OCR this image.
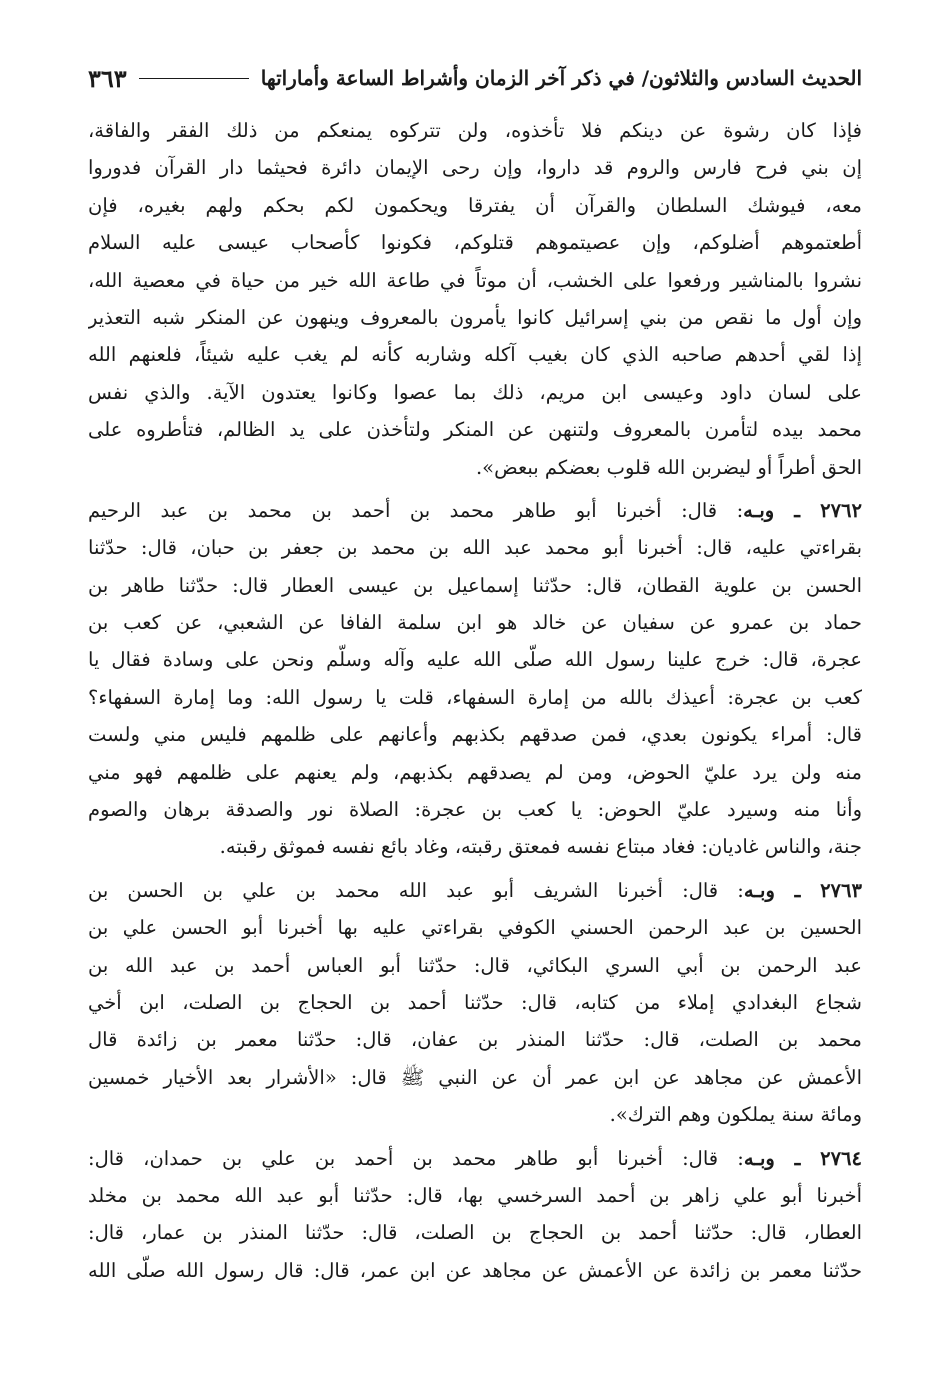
الحديث السادس والثلاثون/ في ذكر آخر الزمان وأشراط الساعة وأماراتها
٣٦٣
فإذا كان رشوة عن دينكم فلا تأخذوه، ولن تتركوه يمنعكم من ذلك الفقر والفاقة،
إن بني فرح فارس والروم قد داروا، وإن رحى الإيمان دائرة فحيثما دار القرآن فدوروا
معه، فيوشك السلطان والقرآن أن يفترقا ويحكمون لكم بحكم ولهم بغيره، فإن
أطعتموهم أضلوكم، وإن عصيتموهم قتلوكم، فكونوا كأصحاب عيسى عليه السلام
نشروا بالمناشير ورفعوا على الخشب، أن موتاً في طاعة الله خير من حياة في معصية الله،
وإن أول ما نقص من بني إسرائيل كانوا يأمرون بالمعروف وينهون عن المنكر شبه التعذير
إذا لقي أحدهم صاحبه الذي كان بغيب آكله وشاربه كأنه لم يغب عليه شيئاً، فلعنهم الله
على لسان داود وعيسى ابن مريم، ذلك بما عصوا وكانوا يعتدون الآية. والذي نفس
محمد بيده لتأمرن بالمعروف ولتنهن عن المنكر ولتأخذن على يد الظالم، فتأطروه على
الحق أطراً أو ليضربن الله قلوب بعضكم ببعض».
٢٧٦٢ ـ وبـه: قال: أخبرنا أبو طاهر محمد بن أحمد بن محمد بن عبد الرحيم
بقراءتي عليه، قال: أخبرنا أبو محمد عبد الله بن محمد بن جعفر بن حبان، قال: حدّثنا
الحسن بن علوية القطان، قال: حدّثنا إسماعيل بن عيسى العطار قال: حدّثنا طاهر بن
حماد بن عمرو عن سفيان عن خالد هو ابن سلمة الفافا عن الشعبي، عن كعب بن
عجرة، قال: خرج علينا رسول الله صلّى الله عليه وآله وسلّم ونحن على وسادة فقال يا
كعب بن عجرة: أعيذك بالله من إمارة السفهاء، قلت يا رسول الله: وما إمارة السفهاء؟
قال: أمراء يكونون بعدي، فمن صدقهم بكذبهم وأعانهم على ظلمهم فليس مني ولست
منه ولن يرد عليّ الحوض، ومن لم يصدقهم بكذبهم، ولم يعنهم على ظلمهم فهو مني
وأنا منه وسيرد عليّ الحوض: يا كعب بن عجرة: الصلاة نور والصدقة برهان والصوم
جنة، والناس غاديان: فغاد مبتاع نفسه فمعتق رقبته، وغاد بائع نفسه فموثق رقبته.
٢٧٦٣ ـ وبـه: قال: أخبرنا الشريف أبو عبد الله محمد بن علي بن الحسن بن
الحسين بن عبد الرحمن الحسني الكوفي بقراءتي عليه بها أخبرنا أبو الحسن علي بن
عبد الرحمن بن أبي السري البكائي، قال: حدّثنا أبو العباس أحمد بن عبد الله بن
شجاع البغدادي إملاء من كتابه، قال: حدّثنا أحمد بن الحجاج بن الصلت، ابن أخي
محمد بن الصلت، قال: حدّثنا المنذر بن عفان، قال: حدّثنا معمر بن زائدة قال
الأعمش عن مجاهد عن ابن عمر أن عن النبي ﷺ قال: «الأشرار بعد الأخيار خمسين
ومائة سنة يملكون وهم الترك».
٢٧٦٤ ـ وبـه: قال: أخبرنا أبو طاهر محمد بن أحمد بن علي بن حمدان، قال:
أخبرنا أبو علي زاهر بن أحمد السرخسي بها، قال: حدّثنا أبو عبد الله محمد بن مخلد
العطار، قال: حدّثنا أحمد بن الحجاج بن الصلت، قال: حدّثنا المنذر بن عمار، قال:
حدّثنا معمر بن زائدة عن الأعمش عن مجاهد عن ابن عمر، قال: قال رسول الله صلّى الله
